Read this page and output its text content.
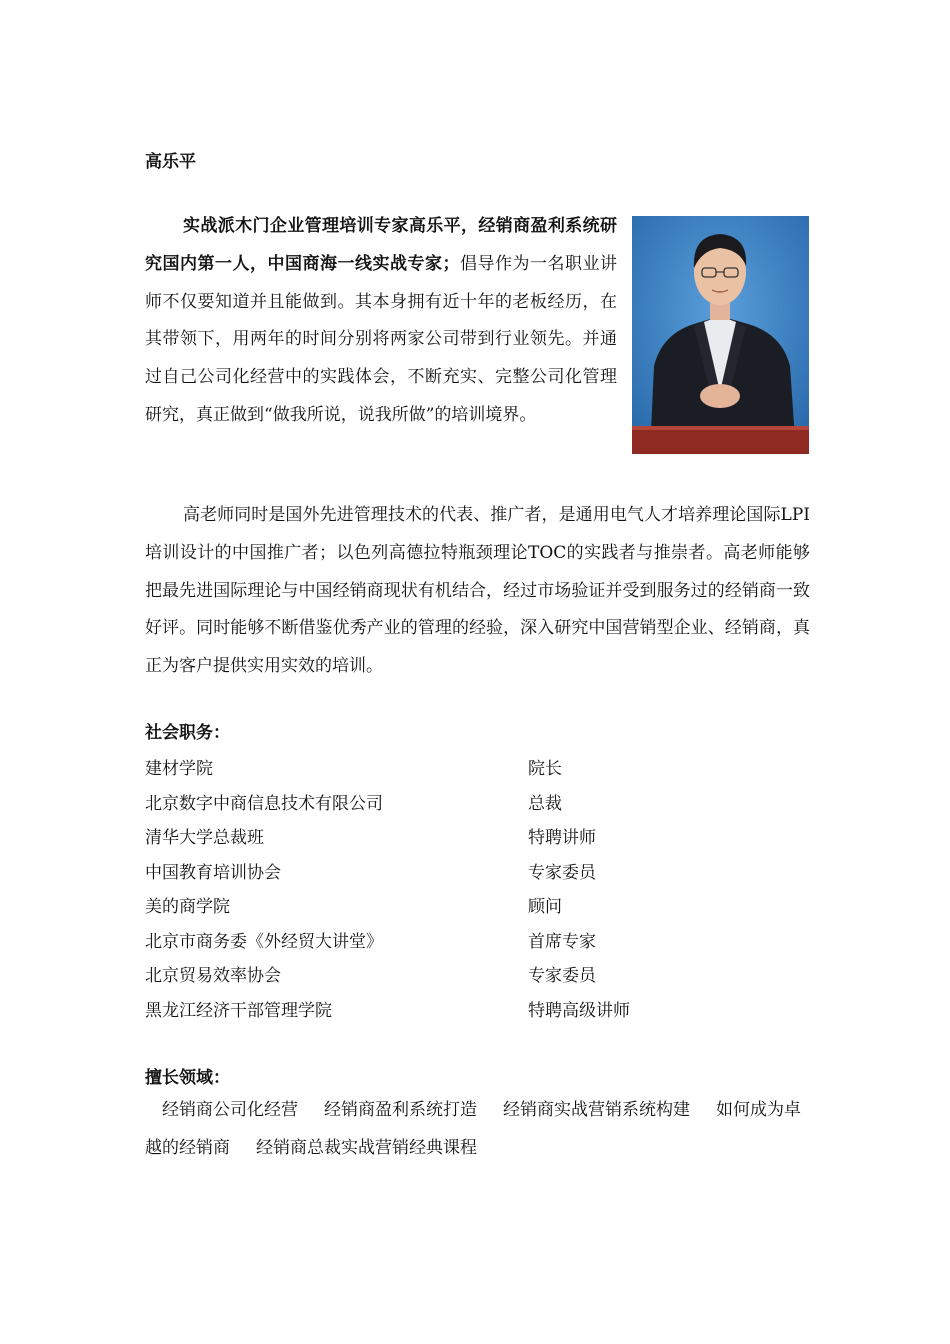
高乐平

实战派木门企业管理培训专家高乐平，经销商盈利系统研究国内第一人，中国商海一线实战专家；倡导作为一名职业讲师不仅要知道并且能做到。其本身拥有近十年的老板经历，在其带领下，用两年的时间分别将两家公司带到行业领先。并通过自己公司化经营中的实践体会，不断充实、完整公司化管理研究，真正做到“做我所说，说我所做”的培训境界。

高老师同时是国外先进管理技术的代表、推广者，是通用电气人才培养理论国际LPI培训设计的中国推广者；以色列高德拉特瓶颈理论TOC的实践者与推崇者。高老师能够把最先进国际理论与中国经销商现状有机结合，经过市场验证并受到服务过的经销商一致好评。同时能够不断借鉴优秀产业的管理的经验，深入研究中国营销型企业、经销商，真正为客户提供实用实效的培训。

社会职务：
建材学院	院长
北京数字中商信息技术有限公司	总裁
清华大学总裁班	特聘讲师
中国教育培训协会	专家委员
美的商学院	顾问
北京市商务委《外经贸大讲堂》	首席专家
北京贸易效率协会	专家委员
黑龙江经济干部管理学院	特聘高级讲师
擅长领域：

经销商公司化经营 经销商盈利系统打造 经销商实战营销系统构建 如何成为卓越的经销商 经销商总裁实战营销经典课程
